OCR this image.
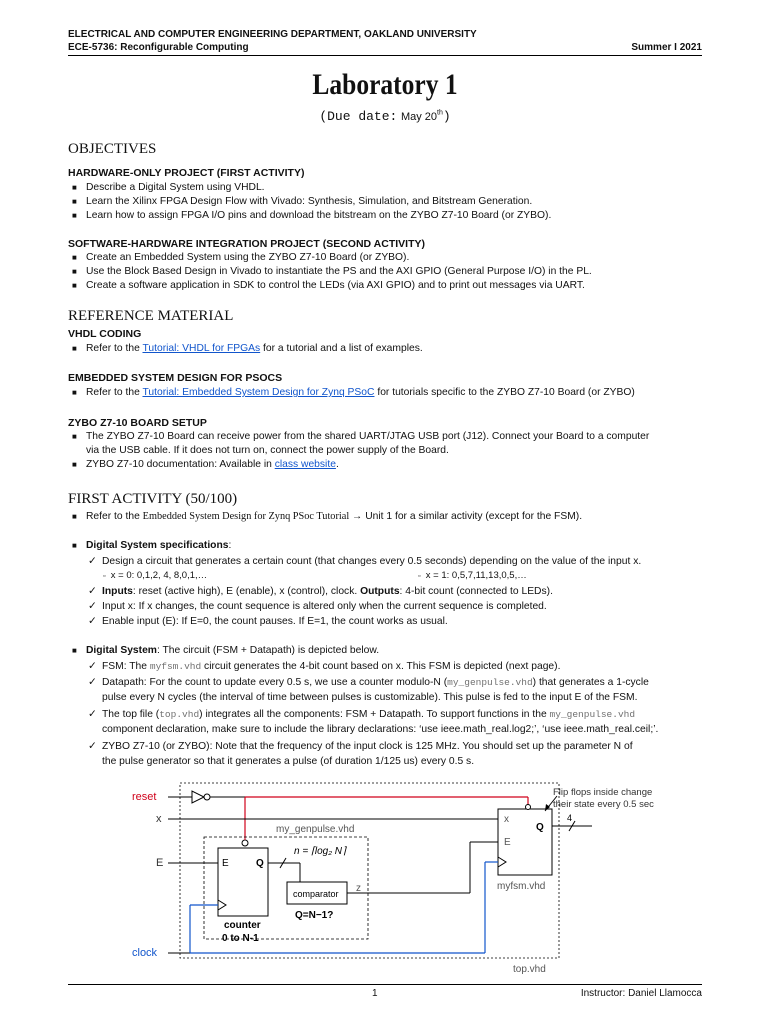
ELECTRICAL AND COMPUTER ENGINEERING DEPARTMENT, OAKLAND UNIVERSITY
ECE-5736: Reconfigurable Computing	Summer I 2021
Laboratory 1
(Due date: May 20th)
OBJECTIVES
HARDWARE-ONLY PROJECT (FIRST ACTIVITY)
■ Describe a Digital System using VHDL.
■ Learn the Xilinx FPGA Design Flow with Vivado: Synthesis, Simulation, and Bitstream Generation.
■ Learn how to assign FPGA I/O pins and download the bitstream on the ZYBO Z7-10 Board (or ZYBO).
SOFTWARE-HARDWARE INTEGRATION PROJECT (SECOND ACTIVITY)
■ Create an Embedded System using the ZYBO Z7-10 Board (or ZYBO).
■ Use the Block Based Design in Vivado to instantiate the PS and the AXI GPIO (General Purpose I/O) in the PL.
■ Create a software application in SDK to control the LEDs (via AXI GPIO) and to print out messages via UART.
REFERENCE MATERIAL
VHDL CODING
■ Refer to the Tutorial: VHDL for FPGAs for a tutorial and a list of examples.
EMBEDDED SYSTEM DESIGN FOR PSOCS
■ Refer to the Tutorial: Embedded System Design for Zynq PSoC for tutorials specific to the ZYBO Z7-10 Board (or ZYBO)
ZYBO Z7-10 BOARD SETUP
■ The ZYBO Z7-10 Board can receive power from the shared UART/JTAG USB port (J12). Connect your Board to a computer
via the USB cable. If it does not turn on, connect the power supply of the Board.
■ ZYBO Z7-10 documentation: Available in class website.
FIRST ACTIVITY (50/100)
■ Refer to the Embedded System Design for Zynq PSoc Tutorial → Unit 1 for a similar activity (except for the FSM).
■ Digital System specifications:
✓ Design a circuit that generates a certain count (that changes every 0.5 seconds) depending on the value of the input x.
▫ x = 0: 0,1,2, 4, 8,0,1,…	▫ x = 1: 0,5,7,11,13,0,5,…
✓ Inputs: reset (active high), E (enable), x (control), clock. Outputs: 4-bit count (connected to LEDs).
✓ Input x: If x changes, the count sequence is altered only when the current sequence is completed.
✓ Enable input (E): If E=0, the count pauses. If E=1, the count works as usual.
■ Digital System: The circuit (FSM + Datapath) is depicted below.
✓ FSM: The myfsm.vhd circuit generates the 4-bit count based on x. This FSM is depicted (next page).
✓ Datapath: For the count to update every 0.5 s, we use a counter modulo-N (my_genpulse.vhd) that generates a 1-cycle
pulse every N cycles (the interval of time between pulses is customizable). This pulse is fed to the input E of the FSM.
✓ The top file (top.vhd) integrates all the components: FSM + Datapath. To support functions in the my_genpulse.vhd
component declaration, make sure to include the library declarations: ‘use ieee.math_real.log2;’, ‘use ieee.math_real.ceil;’.
✓ ZYBO Z7-10 (or ZYBO): Note that the frequency of the input clock is 125 MHz. You should set up the parameter N of
the pulse generator so that it generates a pulse (of duration 1/125 us) every 0.5 s.
reset
x
E
clock
top.vhd
my_genpulse.vhd
E	Q
counter
0 to N-1
n = ⌈log₂ N⌉
comparator
Q=N−1?
z
x
Q
E
myfsm.vhd
4
Flip flops inside change
their state every 0.5 sec
1	Instructor: Daniel Llamocca
